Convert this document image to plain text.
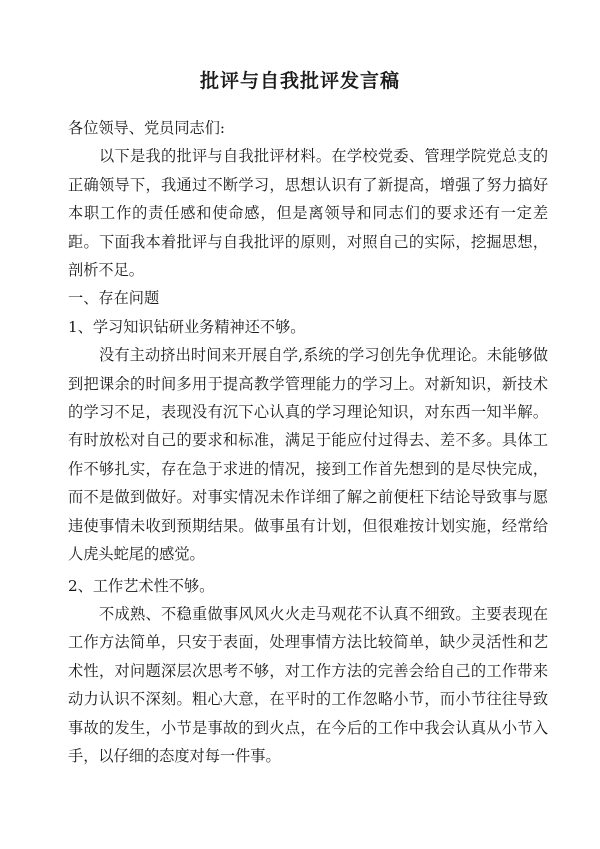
批评与自我批评发言稿

各位领导、党员同志们:

以下是我的批评与自我批评材料。在学校党委、管理学院党总支的正确领导下，我通过不断学习，思想认识有了新提高，增强了努力搞好本职工作的责任感和使命感，但是离领导和同志们的要求还有一定差距。下面我本着批评与自我批评的原则，对照自己的实际，挖掘思想，剖析不足。

一、存在问题

1、学习知识钻研业务精神还不够。

没有主动挤出时间来开展自学,系统的学习创先争优理论。未能够做到把课余的时间多用于提高教学管理能力的学习上。对新知识，新技术的学习不足，表现没有沉下心认真的学习理论知识，对东西一知半解。有时放松对自己的要求和标准，满足于能应付过得去、差不多。具体工作不够扎实，存在急于求进的情况，接到工作首先想到的是尽快完成，而不是做到做好。对事实情况未作详细了解之前便枉下结论导致事与愿违使事情未收到预期结果。做事虽有计划，但很难按计划实施，经常给人虎头蛇尾的感觉。

2、工作艺术性不够。

不成熟、不稳重做事风风火火走马观花不认真不细致。主要表现在工作方法简单，只安于表面，处理事情方法比较简单，缺少灵活性和艺术性，对问题深层次思考不够，对工作方法的完善会给自己的工作带来动力认识不深刻。粗心大意，在平时的工作忽略小节，而小节往往导致事故的发生，小节是事故的到火点，在今后的工作中我会认真从小节入手，以仔细的态度对每一件事。
